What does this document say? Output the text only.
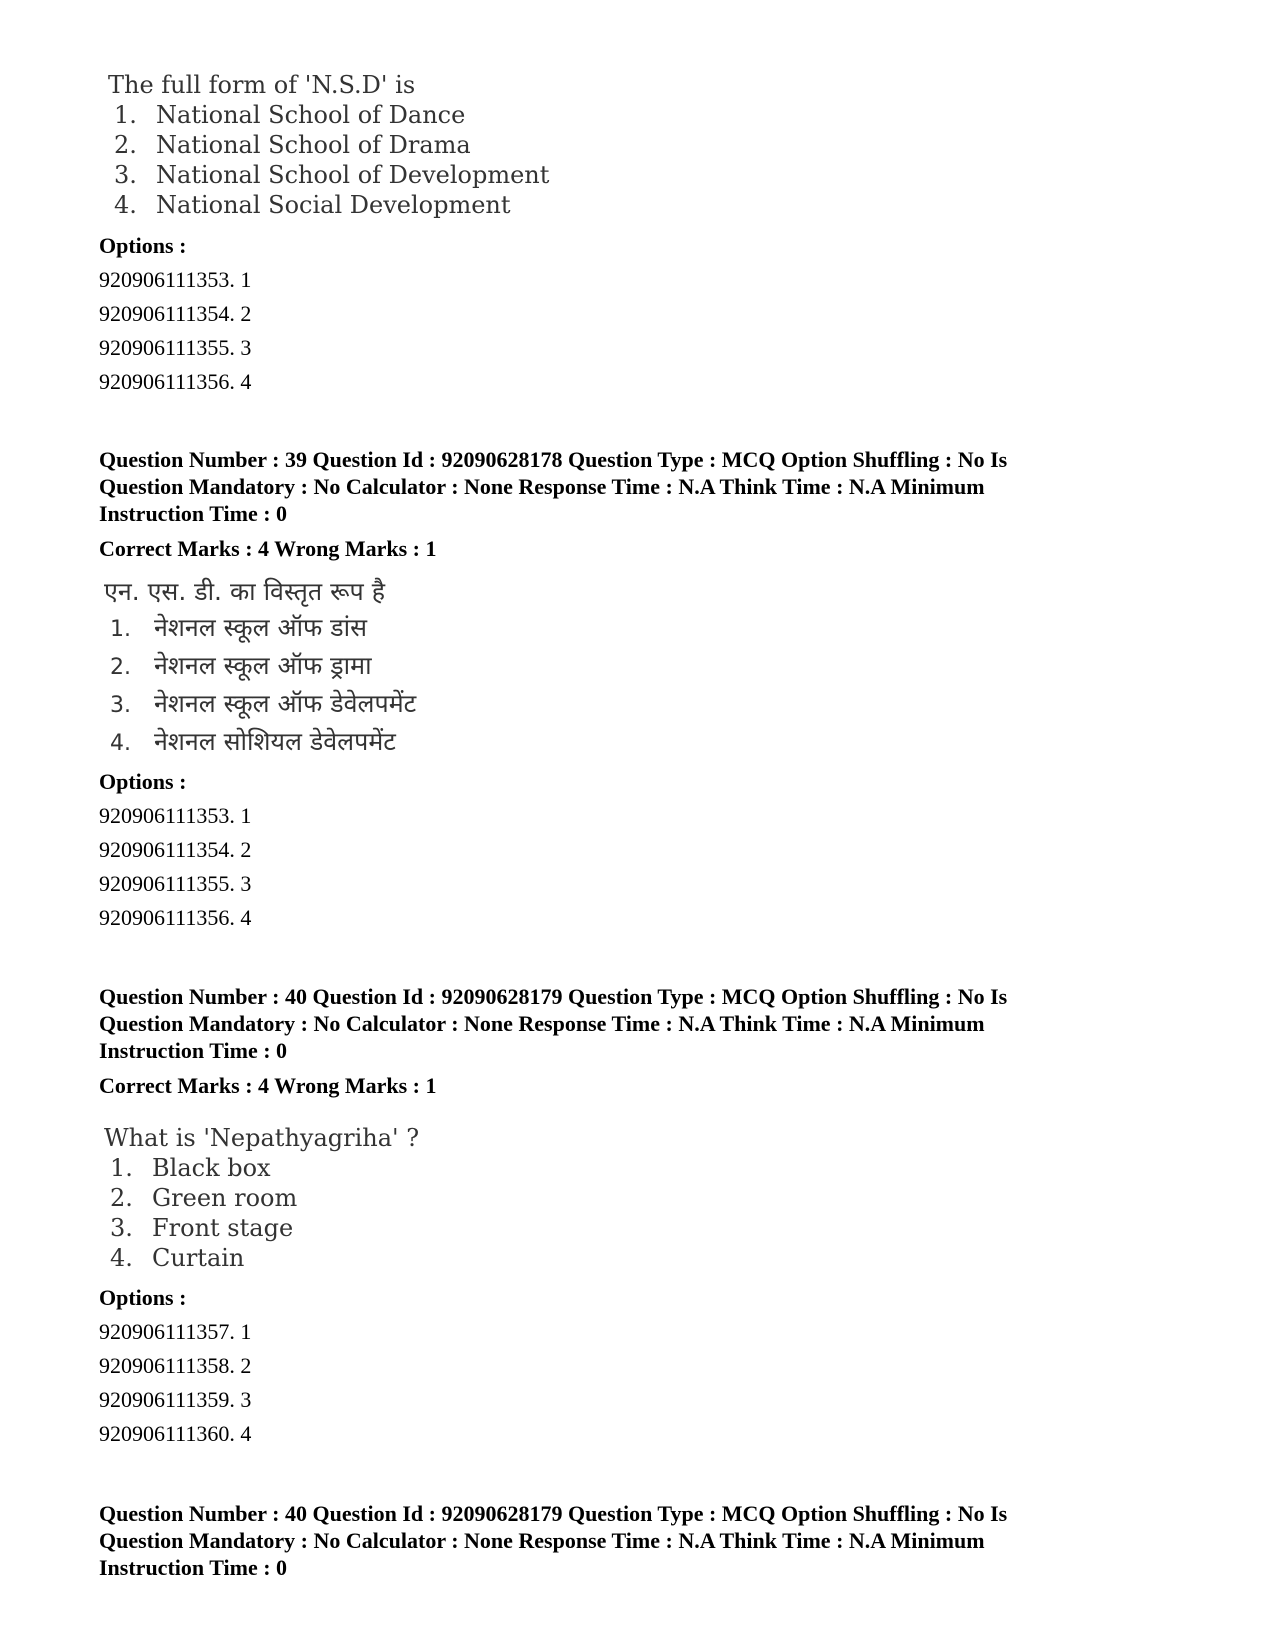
The full form of 'N.S.D' is
1. National School of Dance
2. National School of Drama
3. National School of Development
4. National Social Development
Options :
920906111353. 1
920906111354. 2
920906111355. 3
920906111356. 4
Question Number : 39 Question Id : 92090628178 Question Type : MCQ Option Shuffling : No Is
Question Mandatory : No Calculator : None Response Time : N.A Think Time : N.A Minimum
Instruction Time : 0
Correct Marks : 4 Wrong Marks : 1
एन. एस. डी. का विस्तृत रूप है
1. नेशनल स्कूल ऑफ डांस
2. नेशनल स्कूल ऑफ ड्रामा
3. नेशनल स्कूल ऑफ डेवेलपमेंट
4. नेशनल सोशियल डेवेलपमेंट
Options :
920906111353. 1
920906111354. 2
920906111355. 3
920906111356. 4
Question Number : 40 Question Id : 92090628179 Question Type : MCQ Option Shuffling : No Is
Question Mandatory : No Calculator : None Response Time : N.A Think Time : N.A Minimum
Instruction Time : 0
Correct Marks : 4 Wrong Marks : 1
What is 'Nepathyagriha' ?
1. Black box
2. Green room
3. Front stage
4. Curtain
Options :
920906111357. 1
920906111358. 2
920906111359. 3
920906111360. 4
Question Number : 40 Question Id : 92090628179 Question Type : MCQ Option Shuffling : No Is
Question Mandatory : No Calculator : None Response Time : N.A Think Time : N.A Minimum
Instruction Time : 0
